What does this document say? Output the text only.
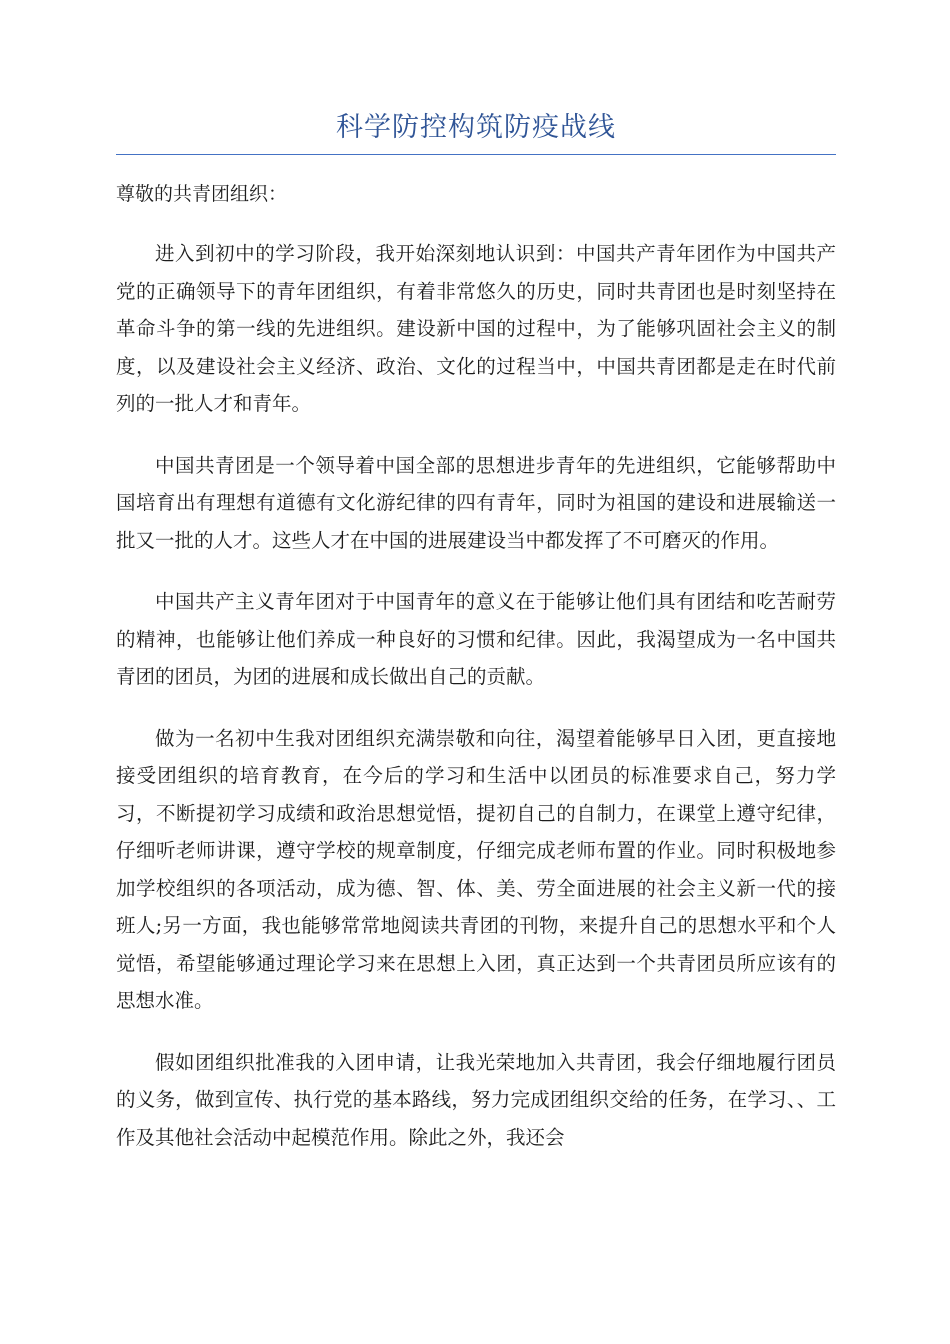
科学防控构筑防疫战线

尊敬的共青团组织：

进入到初中的学习阶段，我开始深刻地认识到：中国共产青年团作为中国共产党的正确领导下的青年团组织，有着非常悠久的历史，同时共青团也是时刻坚持在革命斗争的第一线的先进组织。建设新中国的过程中，为了能够巩固社会主义的制度，以及建设社会主义经济、政治、文化的过程当中，中国共青团都是走在时代前列的一批人才和青年。

中国共青团是一个领导着中国全部的思想进步青年的先进组织，它能够帮助中国培育出有理想有道德有文化游纪律的四有青年，同时为祖国的建设和进展输送一批又一批的人才。这些人才在中国的进展建设当中都发挥了不可磨灭的作用。

中国共产主义青年团对于中国青年的意义在于能够让他们具有团结和吃苦耐劳的精神，也能够让他们养成一种良好的习惯和纪律。因此，我渴望成为一名中国共青团的团员，为团的进展和成长做出自己的贡献。

做为一名初中生我对团组织充满崇敬和向往，渴望着能够早日入团，更直接地接受团组织的培育教育，在今后的学习和生活中以团员的标准要求自己，努力学习，不断提初学习成绩和政治思想觉悟，提初自己的自制力，在课堂上遵守纪律，仔细听老师讲课，遵守学校的规章制度，仔细完成老师布置的作业。同时积极地参加学校组织的各项活动，成为德、智、体、美、劳全面进展的社会主义新一代的接班人;另一方面，我也能够常常地阅读共青团的刊物，来提升自己的思想水平和个人觉悟，希望能够通过理论学习来在思想上入团，真正达到一个共青团员所应该有的思想水准。

假如团组织批准我的入团申请，让我光荣地加入共青团，我会仔细地履行团员的义务，做到宣传、执行党的基本路线，努力完成团组织交给的任务，在学习、、工作及其他社会活动中起模范作用。除此之外，我还会
